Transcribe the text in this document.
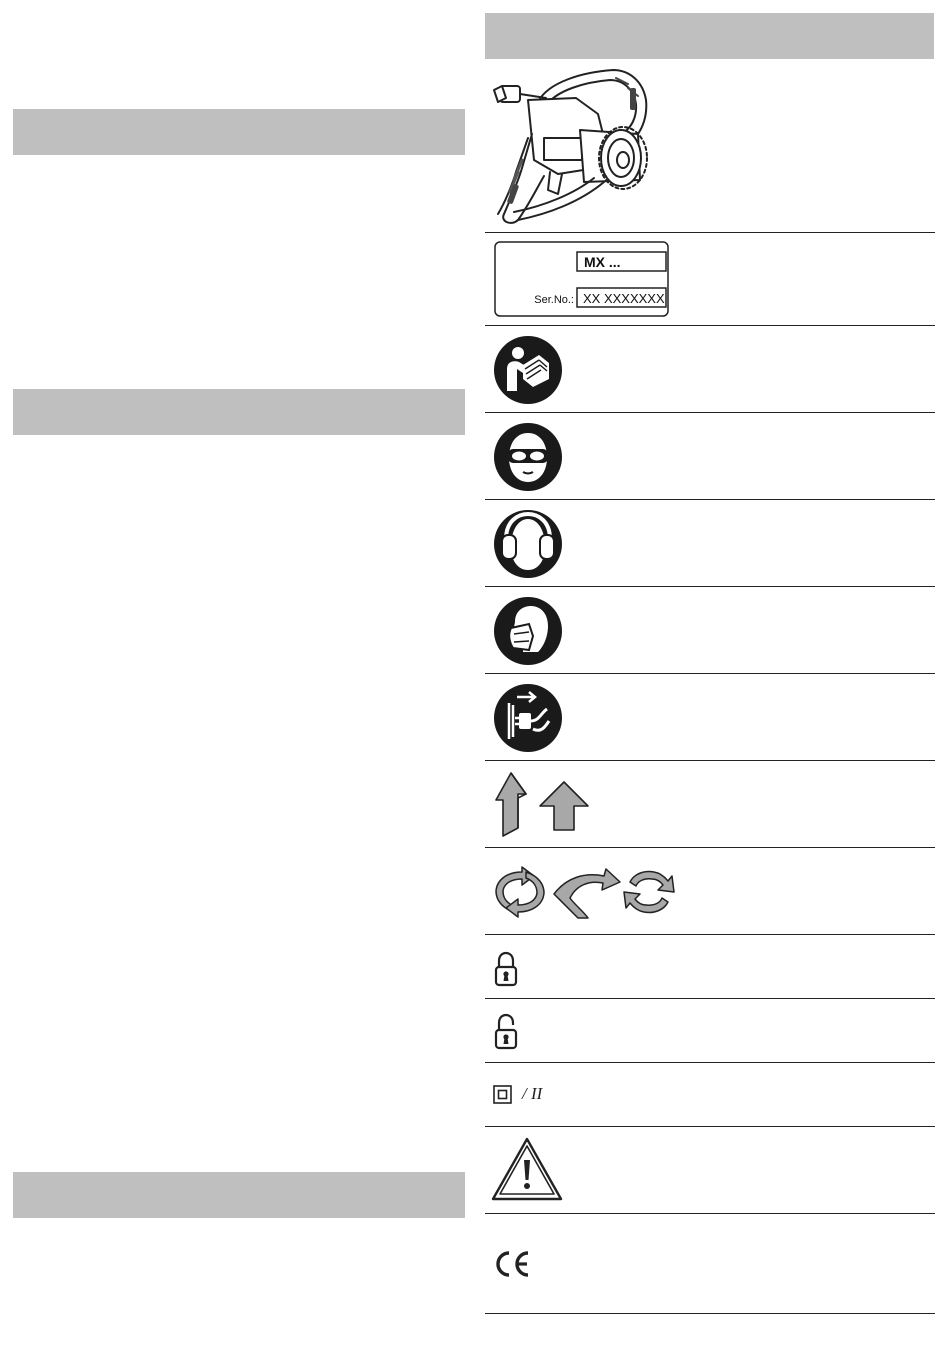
MX ...
Ser.No.: XX XXXXXXX
/ II
